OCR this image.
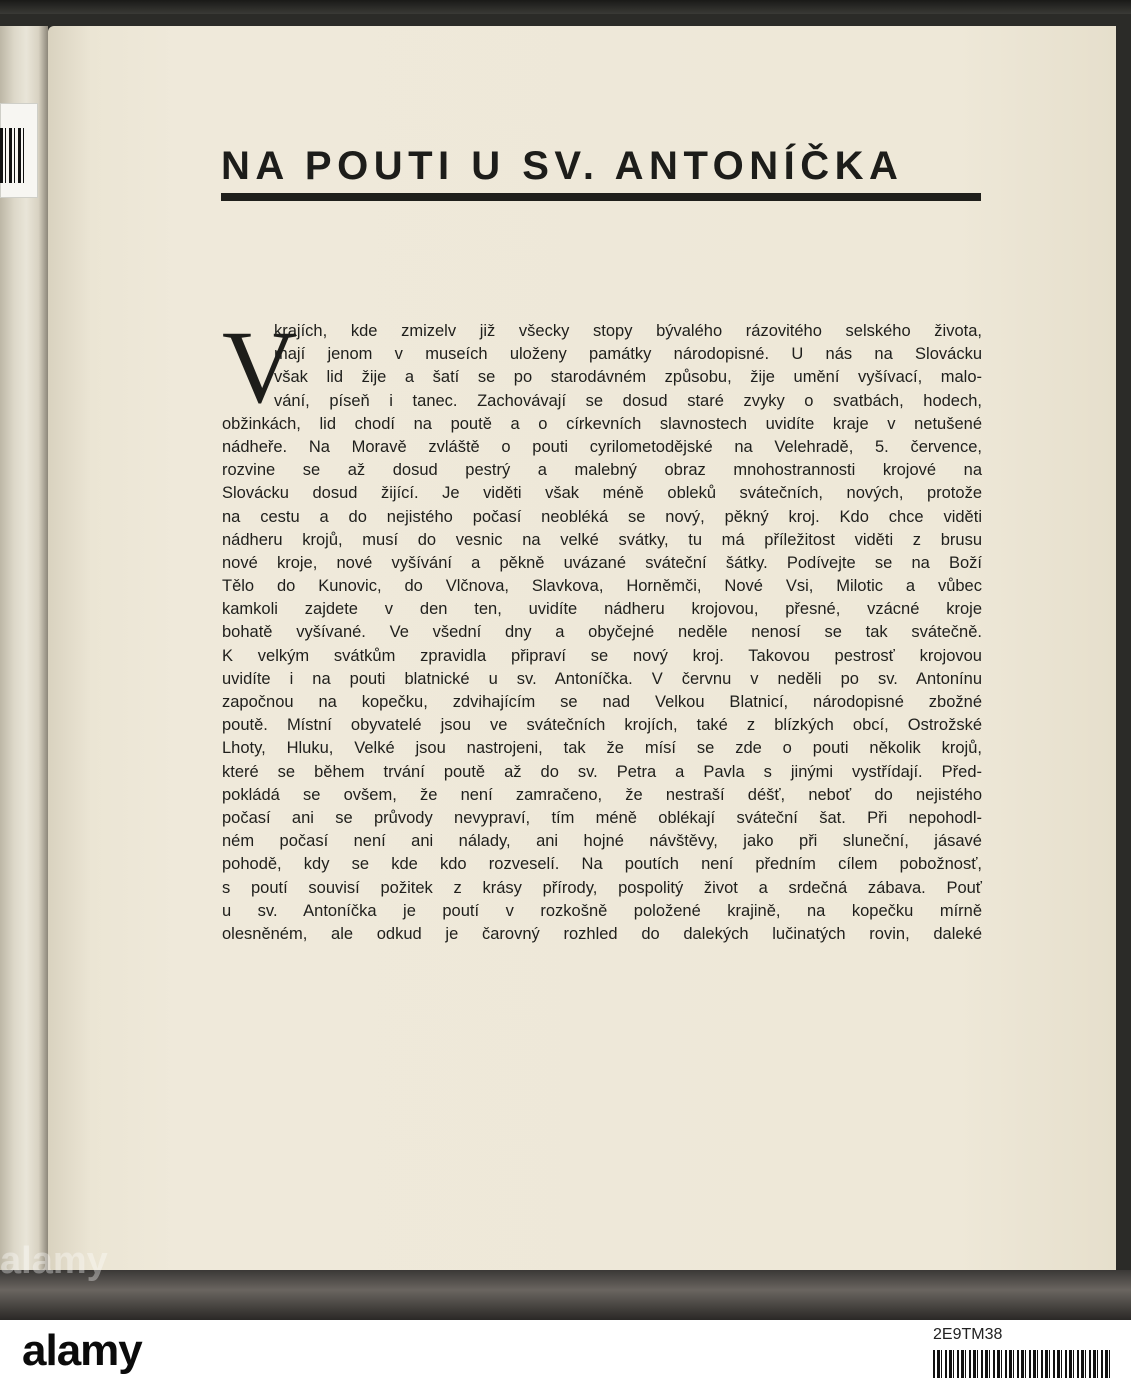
NA POUTI U SV. ANTONÍČKA
V
krajích, kde zmizelv již všecky stopy bývalého rázovitého selského života,
mají jenom v museích uloženy památky národopisné. U nás na Slovácku
však lid žije a šatí se po starodávném způsobu, žije umění vyšívací, malo-
vání, píseň i tanec. Zachovávají se dosud staré zvyky o svatbách, hodech,
obžinkách, lid chodí na poutě a o církevních slavnostech uvidíte kraje v netušené
nádheře. Na Moravě zvláště o pouti cyrilometodějské na Velehradě, 5. července,
rozvine se až dosud pestrý a malebný obraz mnohostrannosti krojové na
Slovácku dosud žijící. Je viděti však méně obleků svátečních, nových, protože
na cestu a do nejistého počasí neobléká se nový, pěkný kroj. Kdo chce viděti
nádheru krojů, musí do vesnic na velké svátky, tu má příležitost viděti z brusu
nové kroje, nové vyšívání a pěkně uvázané sváteční šátky. Podívejte se na Boží
Tělo do Kunovic, do Vlčnova, Slavkova, Horněmči, Nové Vsi, Milotic a vůbec
kamkoli zajdete v den ten, uvidíte nádheru krojovou, přesné, vzácné kroje
bohatě vyšívané. Ve všední dny a obyčejné neděle nenosí se tak svátečně.
K velkým svátkům zpravidla připraví se nový kroj. Takovou pestrosť krojovou
uvidíte i na pouti blatnické u sv. Antoníčka. V červnu v neděli po sv. Antonínu
započnou na kopečku, zdvihajícím se nad Velkou Blatnicí, národopisné zbožné
poutě. Místní obyvatelé jsou ve svátečních krojích, také z blízkých obcí, Ostrožské
Lhoty, Hluku, Velké jsou nastrojeni, tak že mísí se zde o pouti několik krojů,
které se během trvání poutě až do sv. Petra a Pavla s jinými vystřídají. Před-
pokládá se ovšem, že není zamračeno, že nestraší déšť, neboť do nejistého
počasí ani se průvody nevypraví, tím méně oblékají sváteční šat. Při nepohodl-
ném počasí není ani nálady, ani hojné návštěvy, jako při sluneční, jásavé
pohodě, kdy se kde kdo rozveselí. Na poutích není předním cílem pobožnosť,
s poutí souvisí požitek z krásy přírody, pospolitý život a srdečná zábava. Pouť
u sv. Antoníčka je poutí v rozkošně položené krajině, na kopečku mírně
olesněném, ale odkud je čarovný rozhled do dalekých lučinatých rovin, daleké
alamy
alamy	2E9TM38
